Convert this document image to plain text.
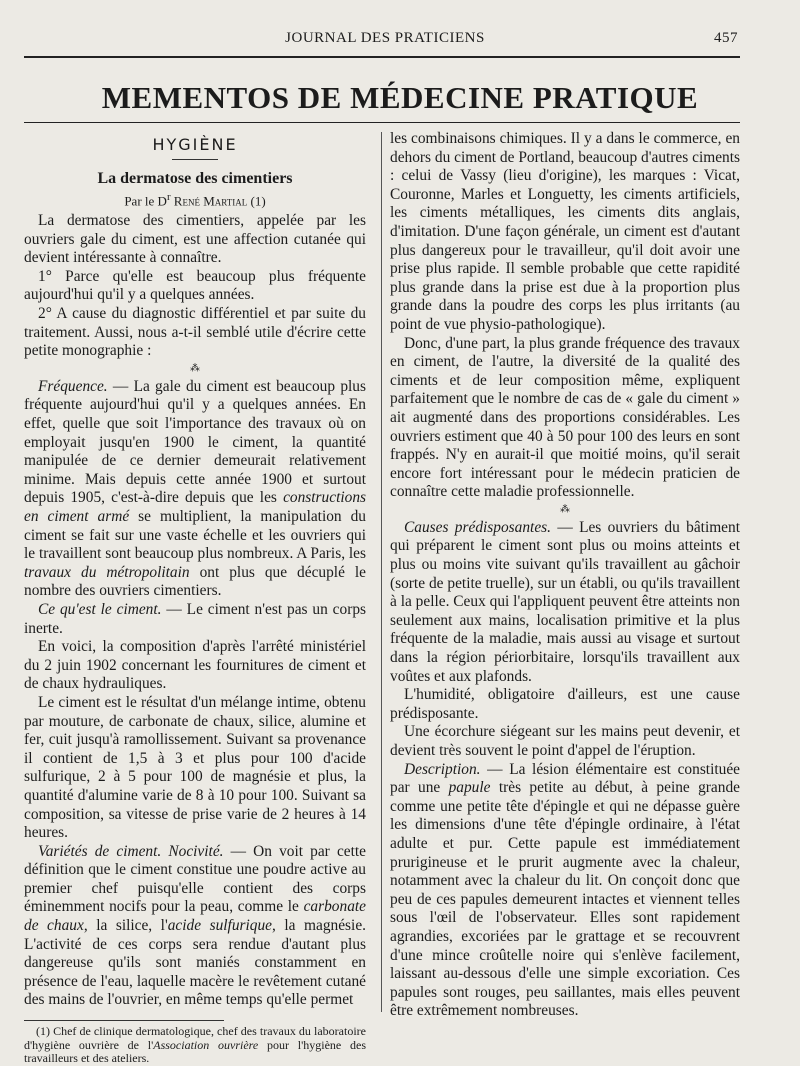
JOURNAL DES PRATICIENS	457
MEMENTOS DE MÉDECINE PRATIQUE
HYGIÈNE
La dermatose des cimentiers
Par le $D^r$ René Martial (1)

La dermatose des cimentiers, appelée par les ouvriers gale du ciment, est une affection cutanée qui devient intéressante à connaître.

1° Parce qu'elle est beaucoup plus fréquente aujourd'hui qu'il y a quelques années.

2° A cause du diagnostic différentiel et par suite du traitement. Aussi, nous a-t-il semblé utile d'écrire cette petite monographie :

⁂

Fréquence. — La gale du ciment est beaucoup plus fréquente aujourd'hui qu'il y a quelques années. En effet, quelle que soit l'importance des travaux où on employait jusqu'en 1900 le ciment, la quantité manipulée de ce dernier demeurait relativement minime. Mais depuis cette année 1900 et surtout depuis 1905, c'est-à-dire depuis que les constructions en ciment armé se multiplient, la manipulation du ciment se fait sur une vaste échelle et les ouvriers qui le travaillent sont beaucoup plus nombreux. A Paris, les travaux du métropolitain ont plus que décuplé le nombre des ouvriers cimentiers.

Ce qu'est le ciment. — Le ciment n'est pas un corps inerte.

En voici, la composition d'après l'arrêté ministériel du 2 juin 1902 concernant les fournitures de ciment et de chaux hydrauliques.

Le ciment est le résultat d'un mélange intime, obtenu par mouture, de carbonate de chaux, silice, alumine et fer, cuit jusqu'à ramollissement. Suivant sa provenance il contient de 1,5 à 3 et plus pour 100 d'acide sulfurique, 2 à 5 pour 100 de magnésie et plus, la quantité d'alumine varie de 8 à 10 pour 100. Suivant sa composition, sa vitesse de prise varie de 2 heures à 14 heures.

Variétés de ciment. Nocivité. — On voit par cette définition que le ciment constitue une poudre active au premier chef puisqu'elle contient des corps éminemment nocifs pour la peau, comme le carbonate de chaux, la silice, l'acide sulfurique, la magnésie. L'activité de ces corps sera rendue d'autant plus dangereuse qu'ils sont maniés constamment en présence de l'eau, laquelle macère le revêtement cutané des mains de l'ouvrier, en même temps qu'elle permet

(1) Chef de clinique dermatologique, chef des travaux du laboratoire d'hygiène ouvrière de l'Association ouvrière pour l'hygiène des travailleurs et des ateliers.

les combinaisons chimiques. Il y a dans le commerce, en dehors du ciment de Portland, beaucoup d'autres ciments : celui de Vassy (lieu d'origine), les marques : Vicat, Couronne, Marles et Longuetty, les ciments artificiels, les ciments métalliques, les ciments dits anglais, d'imitation. D'une façon générale, un ciment est d'autant plus dangereux pour le travailleur, qu'il doit avoir une prise plus rapide. Il semble probable que cette rapidité plus grande dans la prise est due à la proportion plus grande dans la poudre des corps les plus irritants (au point de vue physio-pathologique).

Donc, d'une part, la plus grande fréquence des travaux en ciment, de l'autre, la diversité de la qualité des ciments et de leur composition même, expliquent parfaitement que le nombre de cas de « gale du ciment » ait augmenté dans des proportions considérables. Les ouvriers estiment que 40 à 50 pour 100 des leurs en sont frappés. N'y en aurait-il que moitié moins, qu'il serait encore fort intéressant pour le médecin praticien de connaître cette maladie professionnelle.

⁂

Causes prédisposantes. — Les ouvriers du bâtiment qui préparent le ciment sont plus ou moins atteints et plus ou moins vite suivant qu'ils travaillent au gâchoir (sorte de petite truelle), sur un établi, ou qu'ils travaillent à la pelle. Ceux qui l'appliquent peuvent être atteints non seulement aux mains, localisation primitive et la plus fréquente de la maladie, mais aussi au visage et surtout dans la région périorbitaire, lorsqu'ils travaillent aux voûtes et aux plafonds.

L'humidité, obligatoire d'ailleurs, est une cause prédisposante.

Une écorchure siégeant sur les mains peut devenir, et devient très souvent le point d'appel de l'éruption.

Description. — La lésion élémentaire est constituée par une papule très petite au début, à peine grande comme une petite tête d'épingle et qui ne dépasse guère les dimensions d'une tête d'épingle ordinaire, à l'état adulte et pur. Cette papule est immédiatement prurigineuse et le prurit augmente avec la chaleur, notamment avec la chaleur du lit. On conçoit donc que peu de ces papules demeurent intactes et viennent telles sous l'œil de l'observateur. Elles sont rapidement agrandies, excoriées par le grattage et se recouvrent d'une mince croûtelle noire qui s'enlève facilement, laissant au-dessous d'elle une simple excoriation. Ces papules sont rouges, peu saillantes, mais elles peuvent être extrêmement nombreuses.
